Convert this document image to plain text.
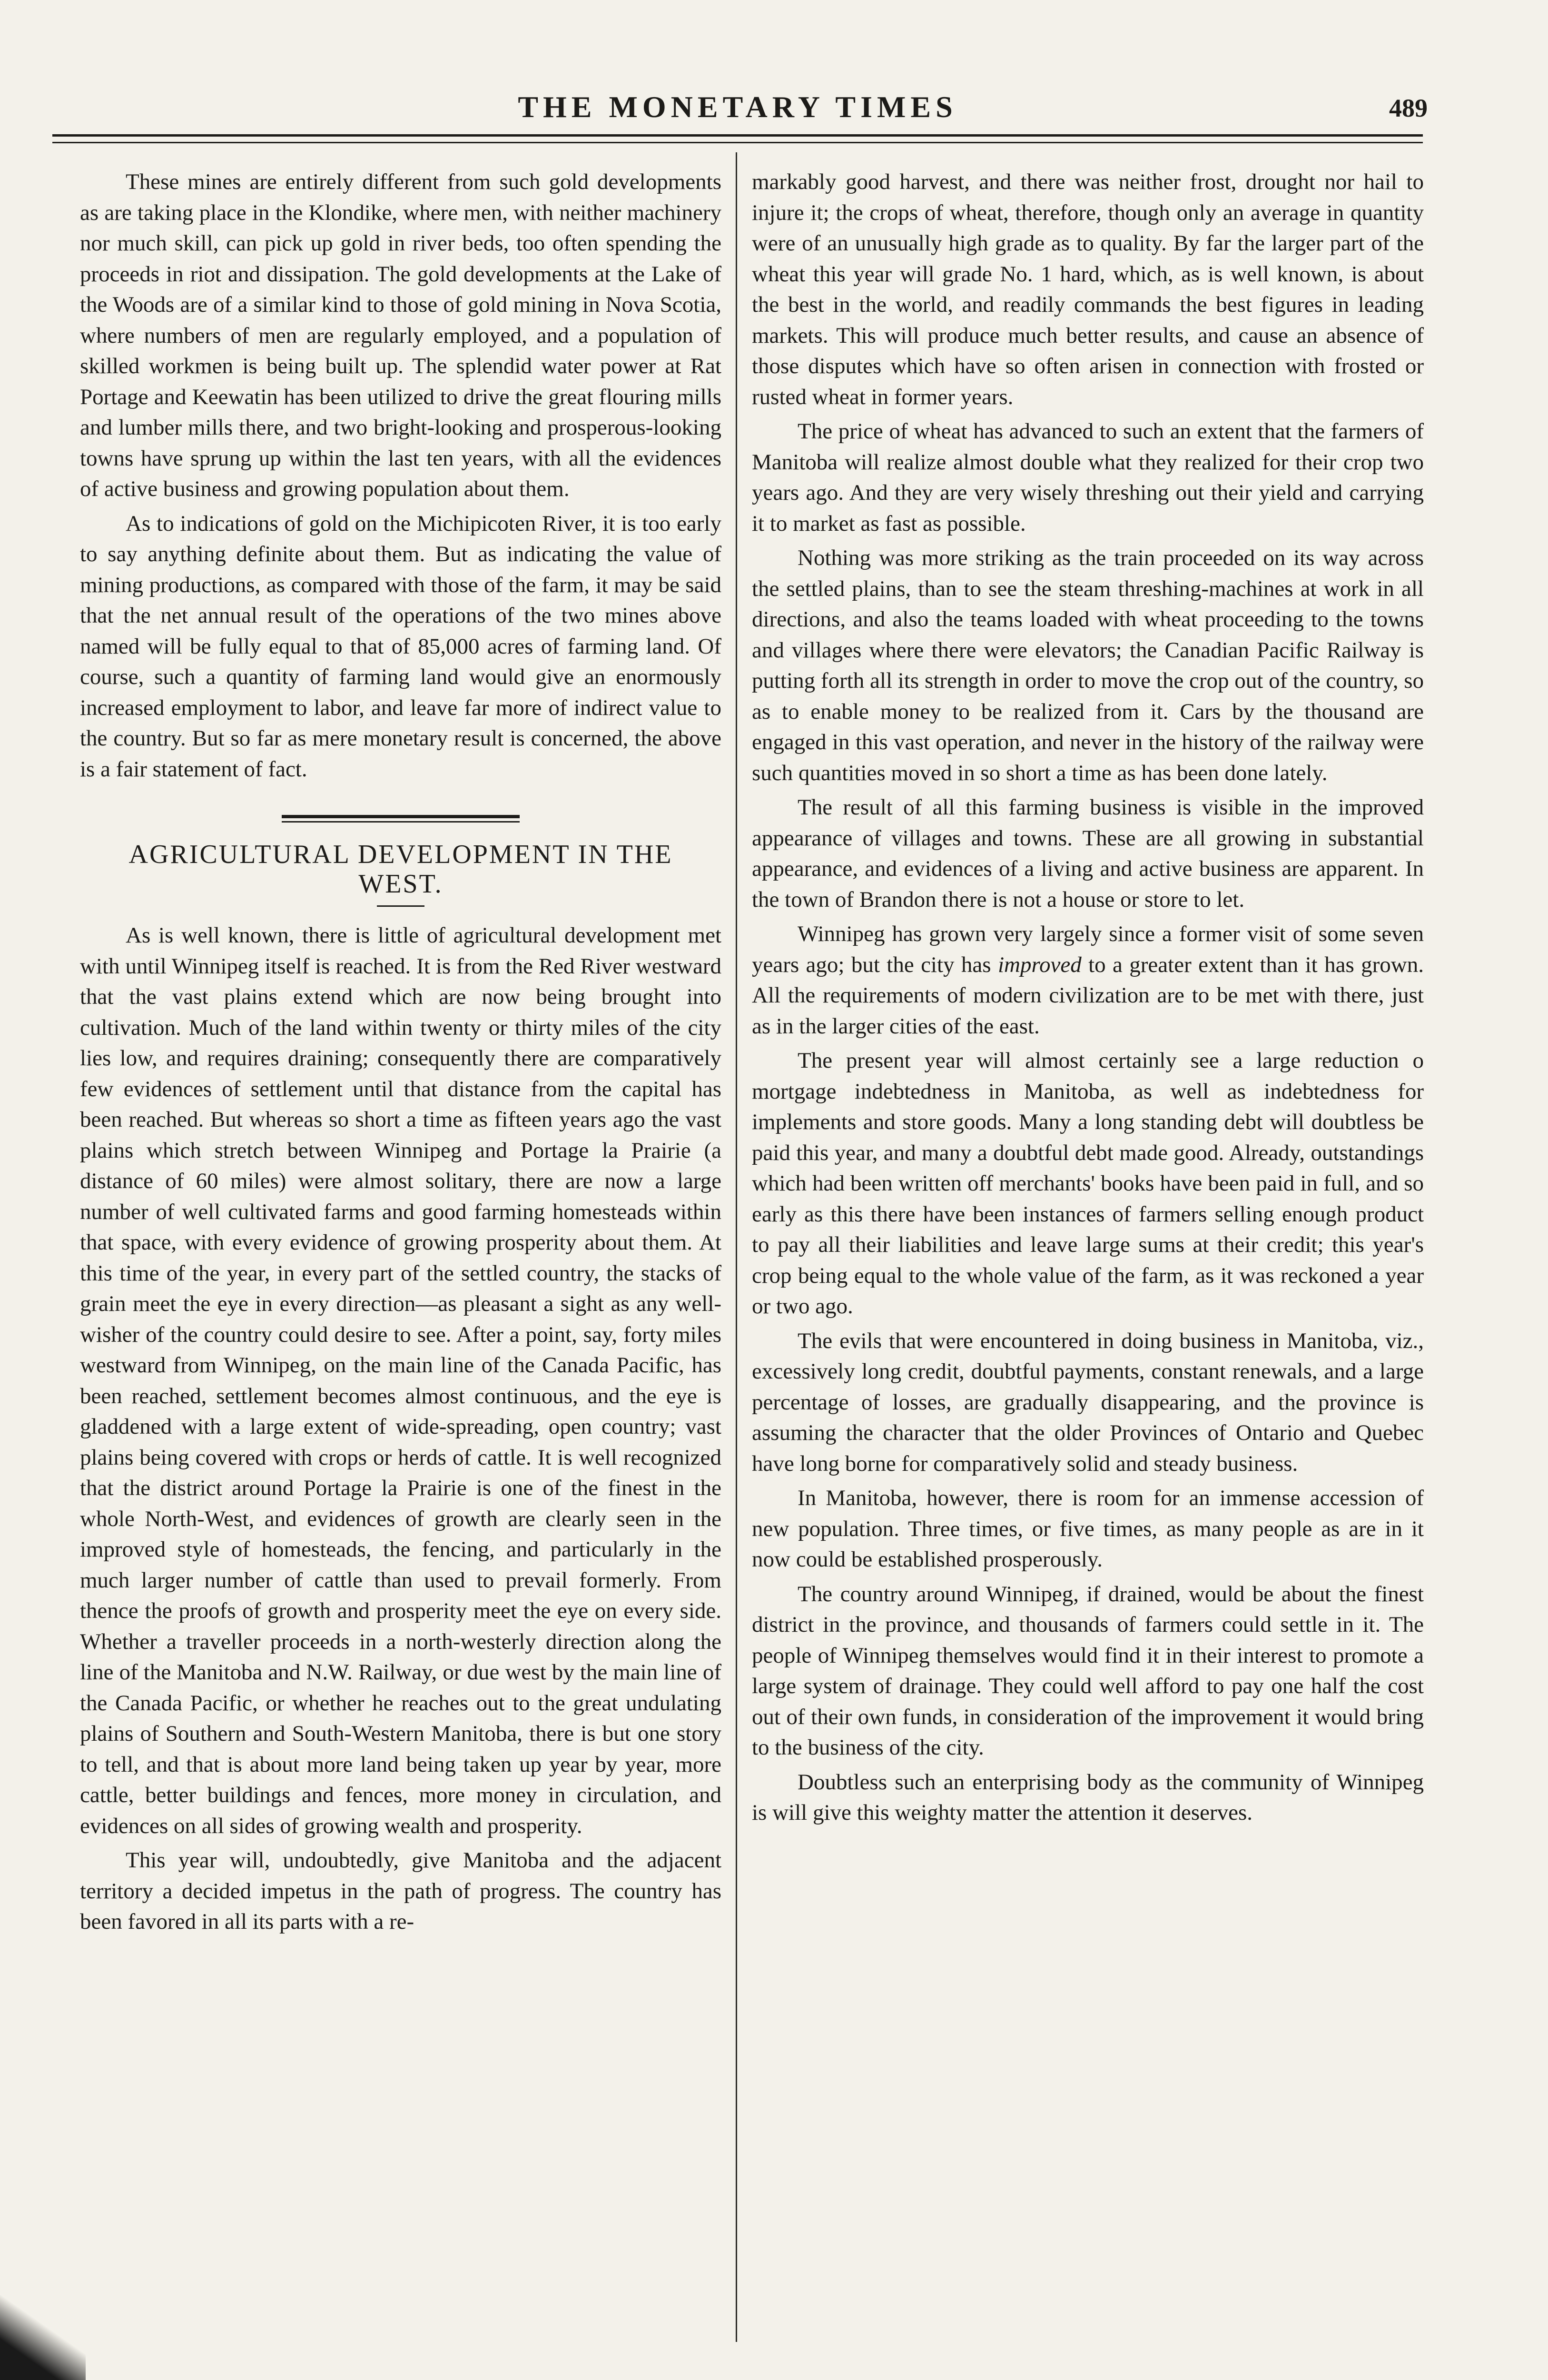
THE MONETARY TIMES	489

These mines are entirely different from such gold developments as are taking place in the Klondike, where men, with neither machinery nor much skill, can pick up gold in river beds, too often spending the proceeds in riot and dissipation. The gold developments at the Lake of the Woods are of a similar kind to those of gold mining in Nova Scotia, where numbers of men are regularly employed, and a population of skilled workmen is being built up. The splendid water power at Rat Portage and Keewatin has been utilized to drive the great flouring mills and lumber mills there, and two bright-looking and prosperous-looking towns have sprung up within the last ten years, with all the evidences of active business and growing population about them.

As to indications of gold on the Michipicoten River, it is too early to say anything definite about them. But as indicating the value of mining productions, as compared with those of the farm, it may be said that the net annual result of the operations of the two mines above named will be fully equal to that of 85,000 acres of farming land. Of course, such a quantity of farming land would give an enormously increased employment to labor, and leave far more of indirect value to the country. But so far as mere monetary result is concerned, the above is a fair statement of fact.

AGRICULTURAL DEVELOPMENT IN THE
WEST.

As is well known, there is little of agricultural development met with until Winnipeg itself is reached. It is from the Red River westward that the vast plains extend which are now being brought into cultivation. Much of the land within twenty or thirty miles of the city lies low, and requires draining; consequently there are comparatively few evidences of settlement until that distance from the capital has been reached. But whereas so short a time as fifteen years ago the vast plains which stretch between Winnipeg and Portage la Prairie (a distance of 60 miles) were almost solitary, there are now a large number of well cultivated farms and good farming homesteads within that space, with every evidence of growing prosperity about them. At this time of the year, in every part of the settled country, the stacks of grain meet the eye in every direction—as pleasant a sight as any well-wisher of the country could desire to see. After a point, say, forty miles westward from Winnipeg, on the main line of the Canada Pacific, has been reached, settlement becomes almost continuous, and the eye is gladdened with a large extent of wide-spreading, open country; vast plains being covered with crops or herds of cattle. It is well recognized that the district around Portage la Prairie is one of the finest in the whole North-West, and evidences of growth are clearly seen in the improved style of homesteads, the fencing, and particularly in the much larger number of cattle than used to prevail formerly. From thence the proofs of growth and prosperity meet the eye on every side. Whether a traveller proceeds in a north-westerly direction along the line of the Manitoba and N.W. Railway, or due west by the main line of the Canada Pacific, or whether he reaches out to the great undulating plains of Southern and South-Western Manitoba, there is but one story to tell, and that is about more land being taken up year by year, more cattle, better buildings and fences, more money in circulation, and evidences on all sides of growing wealth and prosperity.

This year will, undoubtedly, give Manitoba and the adjacent territory a decided impetus in the path of progress. The country has been favored in all its parts with a re-

markably good harvest, and there was neither frost, drought nor hail to injure it; the crops of wheat, therefore, though only an average in quantity were of an unusually high grade as to quality. By far the larger part of the wheat this year will grade No. 1 hard, which, as is well known, is about the best in the world, and readily commands the best figures in leading markets. This will produce much better results, and cause an absence of those disputes which have so often arisen in connection with frosted or rusted wheat in former years.

The price of wheat has advanced to such an extent that the farmers of Manitoba will realize almost double what they realized for their crop two years ago. And they are very wisely threshing out their yield and carrying it to market as fast as possible.

Nothing was more striking as the train proceeded on its way across the settled plains, than to see the steam threshing-machines at work in all directions, and also the teams loaded with wheat proceeding to the towns and villages where there were elevators; the Canadian Pacific Railway is putting forth all its strength in order to move the crop out of the country, so as to enable money to be realized from it. Cars by the thousand are engaged in this vast operation, and never in the history of the railway were such quantities moved in so short a time as has been done lately.

The result of all this farming business is visible in the improved appearance of villages and towns. These are all growing in substantial appearance, and evidences of a living and active business are apparent. In the town of Brandon there is not a house or store to let.

Winnipeg has grown very largely since a former visit of some seven years ago; but the city has improved to a greater extent than it has grown. All the requirements of modern civilization are to be met with there, just as in the larger cities of the east.

The present year will almost certainly see a large reduction o mortgage indebtedness in Manitoba, as well as indebtedness for implements and store goods. Many a long standing debt will doubtless be paid this year, and many a doubtful debt made good. Already, outstandings which had been written off merchants' books have been paid in full, and so early as this there have been instances of farmers selling enough product to pay all their liabilities and leave large sums at their credit; this year's crop being equal to the whole value of the farm, as it was reckoned a year or two ago.

The evils that were encountered in doing business in Manitoba, viz., excessively long credit, doubtful payments, constant renewals, and a large percentage of losses, are gradually disappearing, and the province is assuming the character that the older Provinces of Ontario and Quebec have long borne for comparatively solid and steady business.

In Manitoba, however, there is room for an immense accession of new population. Three times, or five times, as many people as are in it now could be established prosperously.

The country around Winnipeg, if drained, would be about the finest district in the province, and thousands of farmers could settle in it. The people of Winnipeg themselves would find it in their interest to promote a large system of drainage. They could well afford to pay one half the cost out of their own funds, in consideration of the improvement it would bring to the business of the city.

Doubtless such an enterprising body as the community of Winnipeg is will give this weighty matter the attention it deserves.
